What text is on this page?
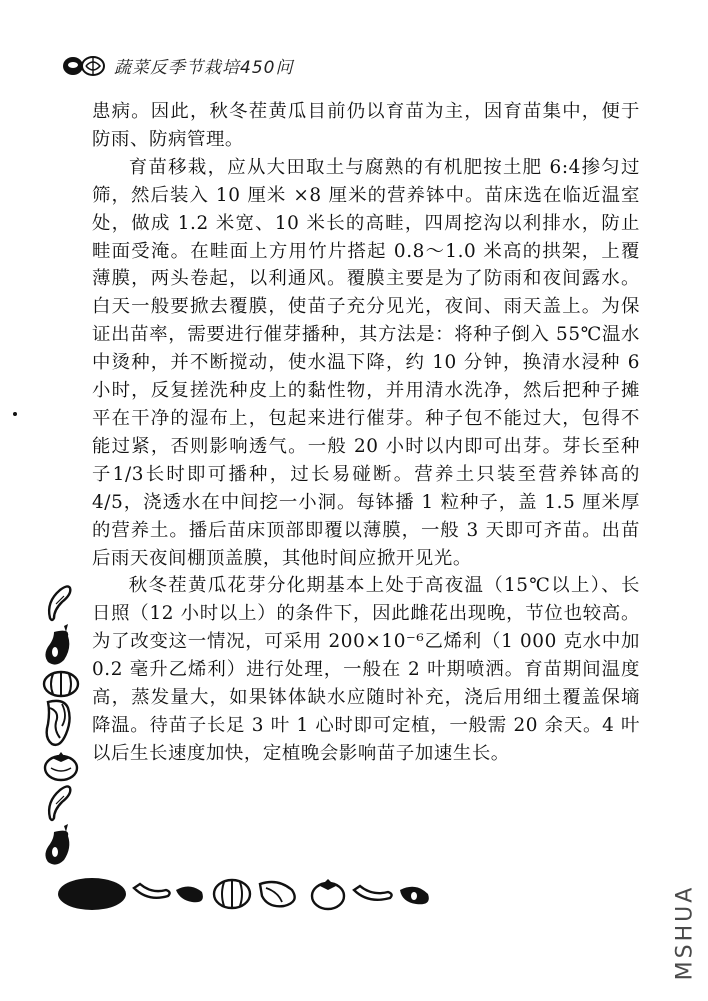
蔬菜反季节栽培450问

患病。因此，秋冬茬黄瓜目前仍以育苗为主，因育苗集中，便于防雨、防病管理。

育苗移栽，应从大田取土与腐熟的有机肥按土肥 6:4掺匀过筛，然后装入 10 厘米 ×8 厘米的营养钵中。苗床选在临近温室处，做成 1.2 米宽、10 米长的高畦，四周挖沟以利排水，防止畦面受淹。在畦面上方用竹片搭起 0.8～1.0 米高的拱架，上覆薄膜，两头卷起，以利通风。覆膜主要是为了防雨和夜间露水。白天一般要掀去覆膜，使苗子充分见光，夜间、雨天盖上。为保证出苗率，需要进行催芽播种，其方法是：将种子倒入 55℃温水中烫种，并不断搅动，使水温下降，约 10 分钟，换清水浸种 6 小时，反复搓洗种皮上的黏性物，并用清水洗净，然后把种子摊平在干净的湿布上，包起来进行催芽。种子包不能过大，包得不能过紧，否则影响透气。一般 20 小时以内即可出芽。芽长至种子1/3长时即可播种，过长易碰断。营养土只装至营养钵高的4/5，浇透水在中间挖一小洞。每钵播 1 粒种子，盖 1.5 厘米厚的营养土。播后苗床顶部即覆以薄膜，一般 3 天即可齐苗。出苗后雨天夜间棚顶盖膜，其他时间应掀开见光。

秋冬茬黄瓜花芽分化期基本上处于高夜温（15℃以上）、长日照（12 小时以上）的条件下，因此雌花出现晚，节位也较高。为了改变这一情况，可采用 200×10⁻⁶乙烯利（1 000 克水中加 0.2 毫升乙烯利）进行处理，一般在 2 叶期喷洒。育苗期间温度高，蒸发量大，如果钵体缺水应随时补充，浇后用细土覆盖保墒降温。待苗子长足 3 叶 1 心时即可定植，一般需 20 余天。4 叶以后生长速度加快，定植晚会影响苗子加速生长。

MSHUA
